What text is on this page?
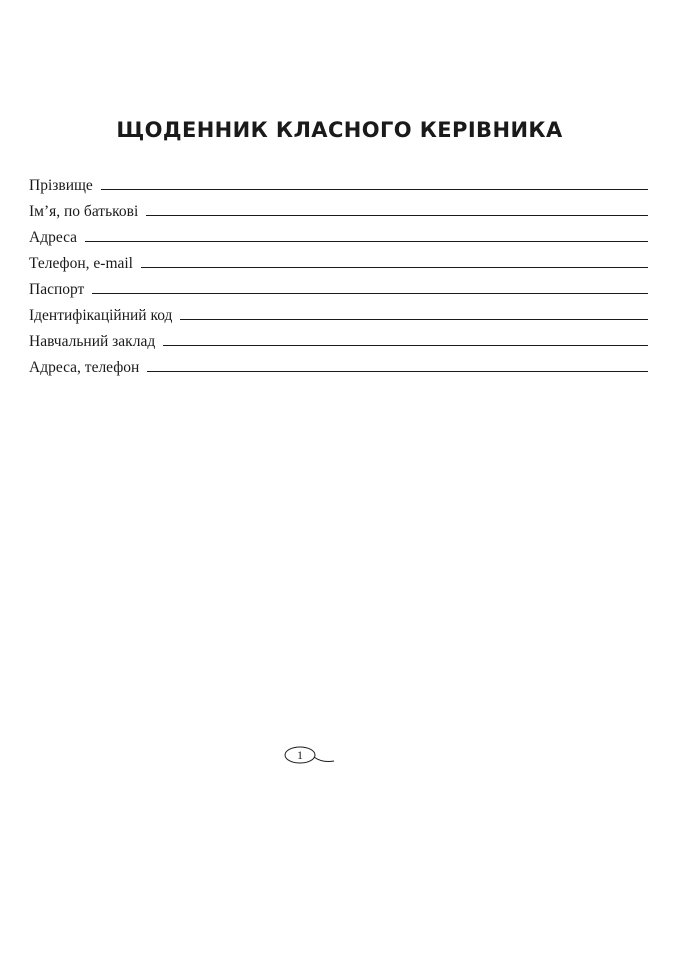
ЩОДЕННИК КЛАСНОГО КЕРІВНИКА
Прізвище
Ім’я, по батькові
Адреса
Телефон, e-mail
Паспорт
Ідентифікаційний код
Навчальний заклад
Адреса, телефон
1
